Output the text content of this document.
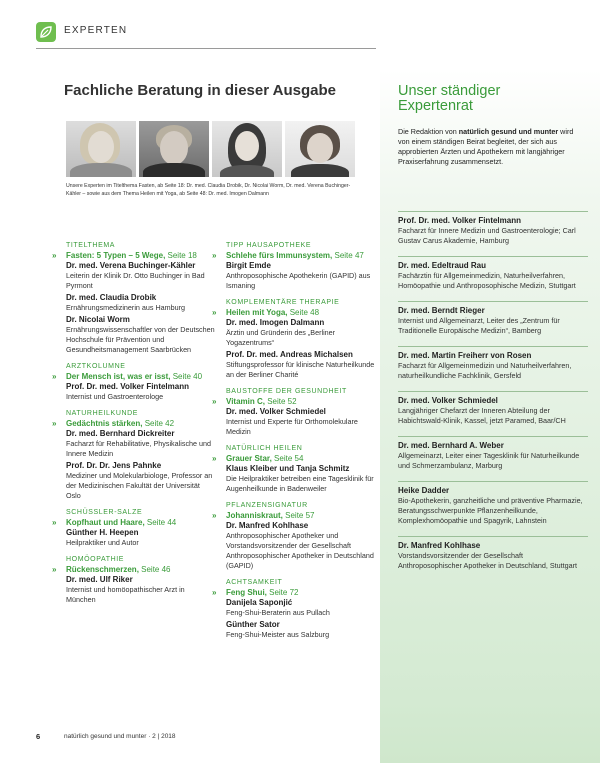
EXPERTEN
Fachliche Beratung in dieser Ausgabe
Unsere Experten im Titelthema Fasten, ab Seite 18: Dr. med. Claudia Drobik, Dr. Nicolai Worm, Dr. med. Verena Buchinger-Kähler – sowie aus dem Thema Heilen mit Yoga, ab Seite 48: Dr. med. Imogen Dalmann
TITELTHEMA
» Fasten: 5 Typen – 5 Wege, Seite 18
Dr. med. Verena Buchinger-Kähler
Leiterin der Klinik Dr. Otto Buchinger in Bad Pyrmont
Dr. med. Claudia Drobik
Ernährungsmedizinerin aus Hamburg
Dr. Nicolai Worm
Ernährungswissenschaftler von der Deutschen Hochschule für Prävention und Gesundheitsmanagement Saarbrücken
ARZTKOLUMNE
» Der Mensch ist, was er isst, Seite 40
Prof. Dr. med. Volker Fintelmann
Internist und Gastroenterologe
NATURHEILKUNDE
» Gedächtnis stärken, Seite 42
Dr. med. Bernhard Dickreiter
Facharzt für Rehabilitative, Physikalische und Innere Medizin
Prof. Dr. Dr. Jens Pahnke
Mediziner und Molekularbiologe, Professor an der Medizinischen Fakultät der Universität Oslo
SCHÜSSLER-SALZE
» Kopfhaut und Haare, Seite 44
Günther H. Heepen
Heilpraktiker und Autor
HOMÖOPATHIE
» Rückenschmerzen, Seite 46
Dr. med. Ulf Riker
Internist und homöopathischer Arzt in München
TIPP HAUSAPOTHEKE
» Schlehe fürs Immunsystem, Seite 47
Birgit Emde
Anthroposophische Apothekerin (GAPID) aus Ismaning
KOMPLEMENTÄRE THERAPIE
» Heilen mit Yoga, Seite 48
Dr. med. Imogen Dalmann
Ärztin und Gründerin des „Berliner Yogazentrums“
Prof. Dr. med. Andreas Michalsen
Stiftungsprofessor für klinische Naturheilkunde an der Berliner Charité
BAUSTOFFE DER GESUNDHEIT
» Vitamin C, Seite 52
Dr. med. Volker Schmiedel
Internist und Experte für Orthomolekulare Medizin
NATÜRLICH HEILEN
» Grauer Star, Seite 54
Klaus Kleiber und Tanja Schmitz
Die Heilpraktiker betreiben eine Tagesklinik für Augenheilkunde in Badenweiler
PFLANZENSIGNATUR
» Johanniskraut, Seite 57
Dr. Manfred Kohlhase
Anthroposophischer Apotheker und Vorstandsvorsitzender der Gesellschaft Anthroposophischer Apotheker in Deutschland (GAPID)
ACHTSAMKEIT
» Feng Shui, Seite 72
Danijela Saponjić
Feng-Shui-Beraterin aus Pullach
Günther Sator
Feng-Shui-Meister aus Salzburg
Unser ständiger
Expertenrat
Die Redaktion von natürlich gesund und munter wird von einem ständigen Beirat begleitet, der sich aus approbierten Ärzten und Apothekern mit langjähriger Praxiserfahrung zusammensetzt.
Prof. Dr. med. Volker Fintelmann
Facharzt für Innere Medizin und Gastroenterologie; Carl Gustav Carus Akademie, Hamburg
Dr. med. Edeltraud Rau
Fachärztin für Allgemeinmedizin, Naturheilverfahren, Homöopathie und Anthroposophische Medizin, Stuttgart
Dr. med. Berndt Rieger
Internist und Allgemeinarzt, Leiter des „Zentrum für Traditionelle Europäische Medizin“, Bamberg
Dr. med. Martin Freiherr von Rosen
Facharzt für Allgemeinmedizin und Naturheilverfahren, naturheilkundliche Fachklinik, Gersfeld
Dr. med. Volker Schmiedel
Langjähriger Chefarzt der Inneren Abteilung der Habichtswald-Klinik, Kassel, jetzt Paramed, Baar/CH
Dr. med. Bernhard A. Weber
Allgemeinarzt, Leiter einer Tagesklinik für Naturheilkunde und Schmerzambulanz, Marburg
Heike Dadder
Bio-Apothekerin, ganzheitliche und präventive Pharmazie, Beratungsschwerpunkte Pflanzenheilkunde, Komplexhomöopathie und Spagyrik, Lahnstein
Dr. Manfred Kohlhase
Vorstandsvorsitzender der Gesellschaft Anthroposophischer Apotheker in Deutschland, Stuttgart
6	natürlich gesund und munter · 2 | 2018
